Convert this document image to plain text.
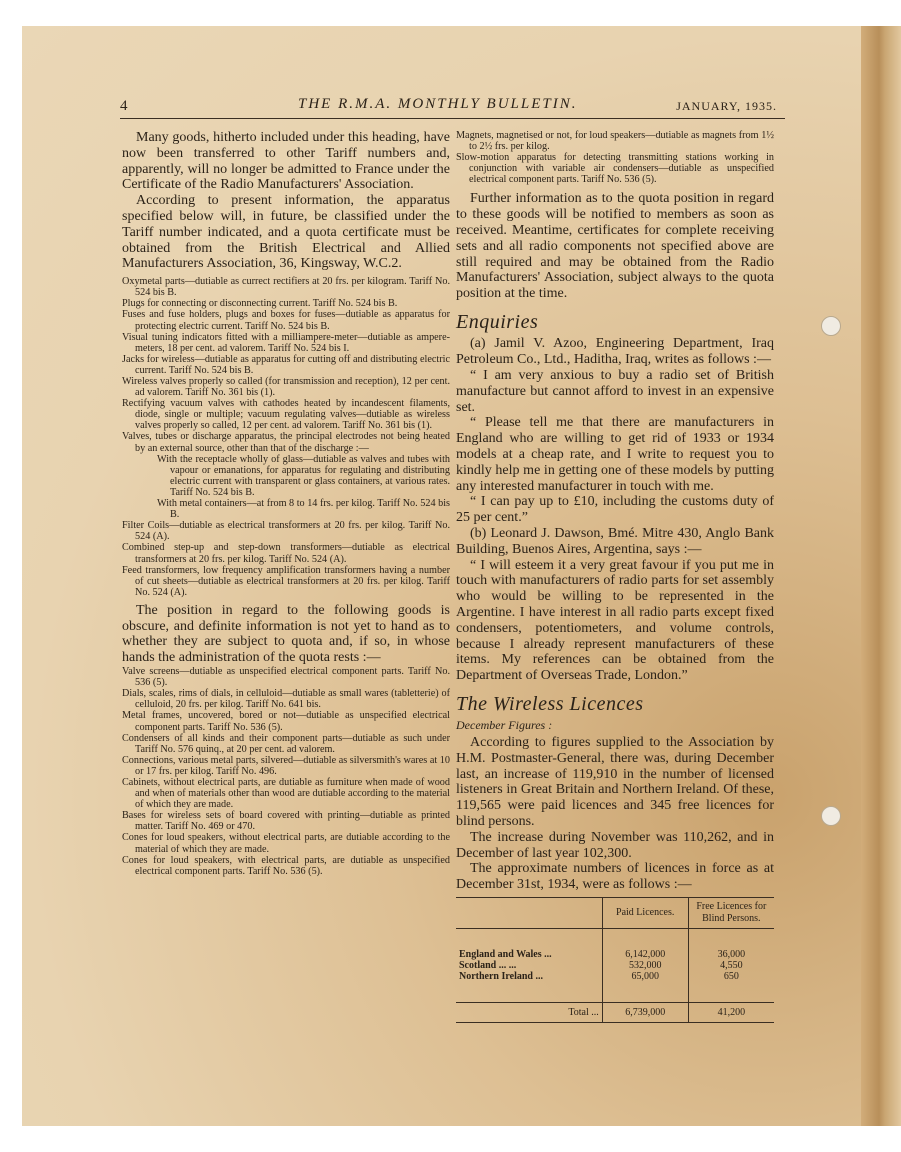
4	THE R.M.A. MONTHLY BULLETIN.	JANUARY, 1935.

Many goods, hitherto included under this heading, have now been transferred to other Tariff numbers and, apparently, will no longer be admitted to France under the Certificate of the Radio Manufacturers' Association.

According to present information, the apparatus specified below will, in future, be classified under the Tariff number indicated, and a quota certificate must be obtained from the British Electrical and Allied Manufacturers Association, 36, Kingsway, W.C.2.

Oxymetal parts—dutiable as currect rectifiers at 20 frs. per kilogram. Tariff No. 524 bis B.

Plugs for connecting or disconnecting current. Tariff No. 524 bis B.

Fuses and fuse holders, plugs and boxes for fuses—dutiable as apparatus for protecting electric current. Tariff No. 524 bis B.

Visual tuning indicators fitted with a milliampere-meter—dutiable as ampere-meters, 18 per cent. ad valorem. Tariff No. 524 bis I.

Jacks for wireless—dutiable as apparatus for cutting off and distributing electric current. Tariff No. 524 bis B.

Wireless valves properly so called (for transmission and reception), 12 per cent. ad valorem. Tariff No. 361 bis (1).

Rectifying vacuum valves with cathodes heated by incandescent filaments, diode, single or multiple; vacuum regulating valves—dutiable as wireless valves properly so called, 12 per cent. ad valorem. Tariff No. 361 bis (1).

Valves, tubes or discharge apparatus, the principal electrodes not being heated by an external source, other than that of the discharge :—

With the receptacle wholly of glass—dutiable as valves and tubes with vapour or emanations, for apparatus for regulating and distributing electric current with transparent or glass containers, at various rates. Tariff No. 524 bis B.

With metal containers—at from 8 to 14 frs. per kilog. Tariff No. 524 bis B.

Filter Coils—dutiable as electrical transformers at 20 frs. per kilog. Tariff No. 524 (A).

Combined step-up and step-down transformers—dutiable as electrical transformers at 20 frs. per kilog. Tariff No. 524 (A).

Feed transformers, low frequency amplification transformers having a number of cut sheets—dutiable as electrical transformers at 20 frs. per kilog. Tariff No. 524 (A).

The position in regard to the following goods is obscure, and definite information is not yet to hand as to whether they are subject to quota and, if so, in whose hands the administration of the quota rests :—

Valve screens—dutiable as unspecified electrical component parts. Tariff No. 536 (5).

Dials, scales, rims of dials, in celluloid—dutiable as small wares (tabletterie) of celluloid, 20 frs. per kilog. Tariff No. 641 bis.

Metal frames, uncovered, bored or not—dutiable as unspecified electrical component parts. Tariff No. 536 (5).

Condensers of all kinds and their component parts—dutiable as such under Tariff No. 576 quinq., at 20 per cent. ad valorem.

Connections, various metal parts, silvered—dutiable as silversmith's wares at 10 or 17 frs. per kilog. Tariff No. 496.

Cabinets, without electrical parts, are dutiable as furniture when made of wood and when of materials other than wood are dutiable according to the material of which they are made.

Bases for wireless sets of board covered with printing—dutiable as printed matter. Tariff No. 469 or 470.

Cones for loud speakers, without electrical parts, are dutiable according to the material of which they are made.

Cones for loud speakers, with electrical parts, are dutiable as unspecified electrical component parts. Tariff No. 536 (5).

Magnets, magnetised or not, for loud speakers—dutiable as magnets from 1½ to 2½ frs. per kilog.

Slow-motion apparatus for detecting transmitting stations working in conjunction with variable air condensers—dutiable as unspecified electrical component parts. Tariff No. 536 (5).

Further information as to the quota position in regard to these goods will be notified to members as soon as received. Meantime, certificates for complete receiving sets and all radio components not specified above are still required and may be obtained from the Radio Manufacturers' Association, subject always to the quota position at the time.

Enquiries

(a) Jamil V. Azoo, Engineering Department, Iraq Petroleum Co., Ltd., Haditha, Iraq, writes as follows :—

“ I am very anxious to buy a radio set of British manufacture but cannot afford to invest in an expensive set.

“ Please tell me that there are manufacturers in England who are willing to get rid of 1933 or 1934 models at a cheap rate, and I write to request you to kindly help me in getting one of these models by putting any interested manufacturer in touch with me.

“ I can pay up to £10, including the customs duty of 25 per cent.”

(b) Leonard J. Dawson, Bmé. Mitre 430, Anglo Bank Building, Buenos Aires, Argentina, says :—

“ I will esteem it a very great favour if you put me in touch with manufacturers of radio parts for set assembly who would be willing to be represented in the Argentine. I have interest in all radio parts except fixed condensers, potentiometers, and volume controls, because I already represent manufacturers of these items. My references can be obtained from the Department of Overseas Trade, London.”

The Wireless Licences
December Figures :

According to figures supplied to the Association by H.M. Postmaster-General, there was, during December last, an increase of 119,910 in the number of licensed listeners in Great Britain and Northern Ireland. Of these, 119,565 were paid licences and 345 free licences for blind persons.

The increase during November was 110,262, and in December of last year 102,300.

The approximate numbers of licences in force as at December 31st, 1934, were as follows :—

	Paid Licences.	Free Licences for Blind Persons.

England and Wales ...	6,142,000	36,000
Scotland ... ...	532,000	4,550
Northern Ireland ...	65,000	650

Total ...	6,739,000	41,200
